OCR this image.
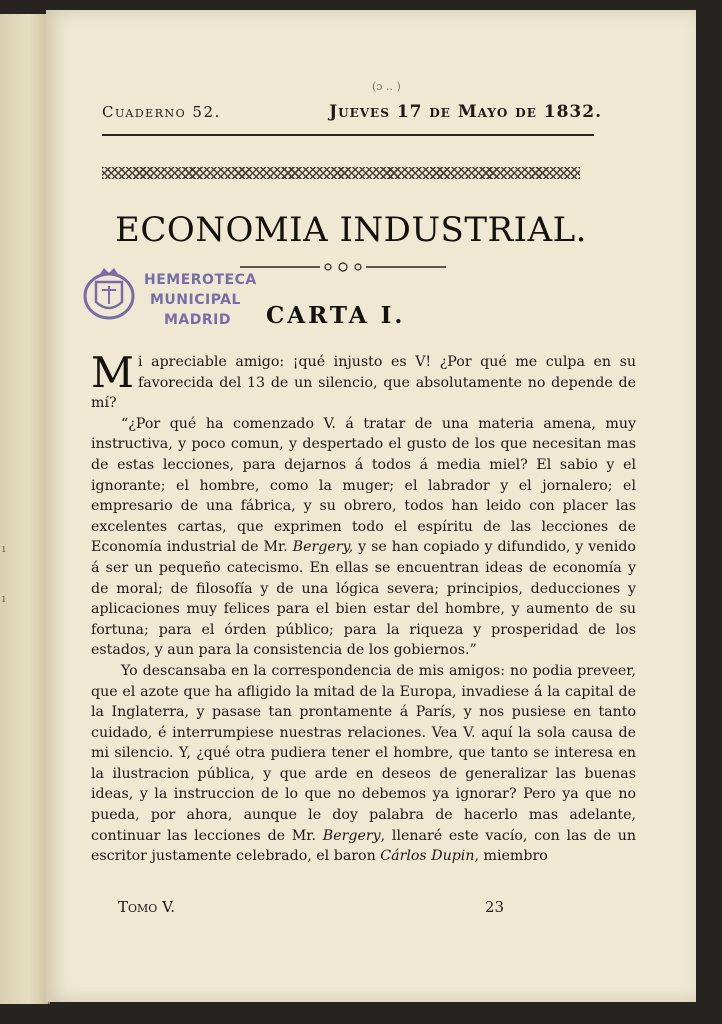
ı
ı
(ɔ .. )
Cuaderno 52.	Jueves 17 de Mayo de 1832.
ECONOMIA INDUSTRIAL.
HEMEROTECA
MUNICIPAL
MADRID CARTA I.

Mi apreciable amigo: ¡qué injusto es V! ¿Por qué me culpa en su favorecida del 13 de un silencio, que absolutamente no depende de mí?

“¿Por qué ha comenzado V. á tratar de una materia amena, muy instructiva, y poco comun, y despertado el gusto de los que necesitan mas de estas lecciones, para dejarnos á todos á media miel? El sabio y el ignorante; el hombre, como la muger; el labrador y el jornalero; el empresario de una fábrica, y su obrero, todos han leido con placer las excelentes cartas, que exprimen todo el espíritu de las lecciones de Economía industrial de Mr. Bergery, y se han copiado y difundido, y venido á ser un pequeño catecismo. En ellas se encuentran ideas de economía y de moral; de filosofía y de una lógica severa; principios, deducciones y aplicaciones muy felices para el bien estar del hombre, y aumento de su fortuna; para el órden público; para la riqueza y prosperidad de los estados, y aun para la consistencia de los gobiernos.”

Yo descansaba en la correspondencia de mis amigos: no podia preveer, que el azote que ha afligido la mitad de la Europa, invadiese á la capital de la Inglaterra, y pasase tan prontamente á París, y nos pusiese en tanto cuidado, é interrumpiese nuestras relaciones. Vea V. aquí la sola causa de mi silencio. Y, ¿qué otra pudiera tener el hombre, que tanto se interesa en la ilustracion pública, y que arde en deseos de generalizar las buenas ideas, y la instruccion de lo que no debemos ya ignorar? Pero ya que no pueda, por ahora, aunque le doy palabra de hacerlo mas adelante, continuar las lecciones de Mr. Bergery, llenaré este vacío, con las de un escritor justamente celebrado, el baron Cárlos Dupin, miembro

Tomo V.	23
